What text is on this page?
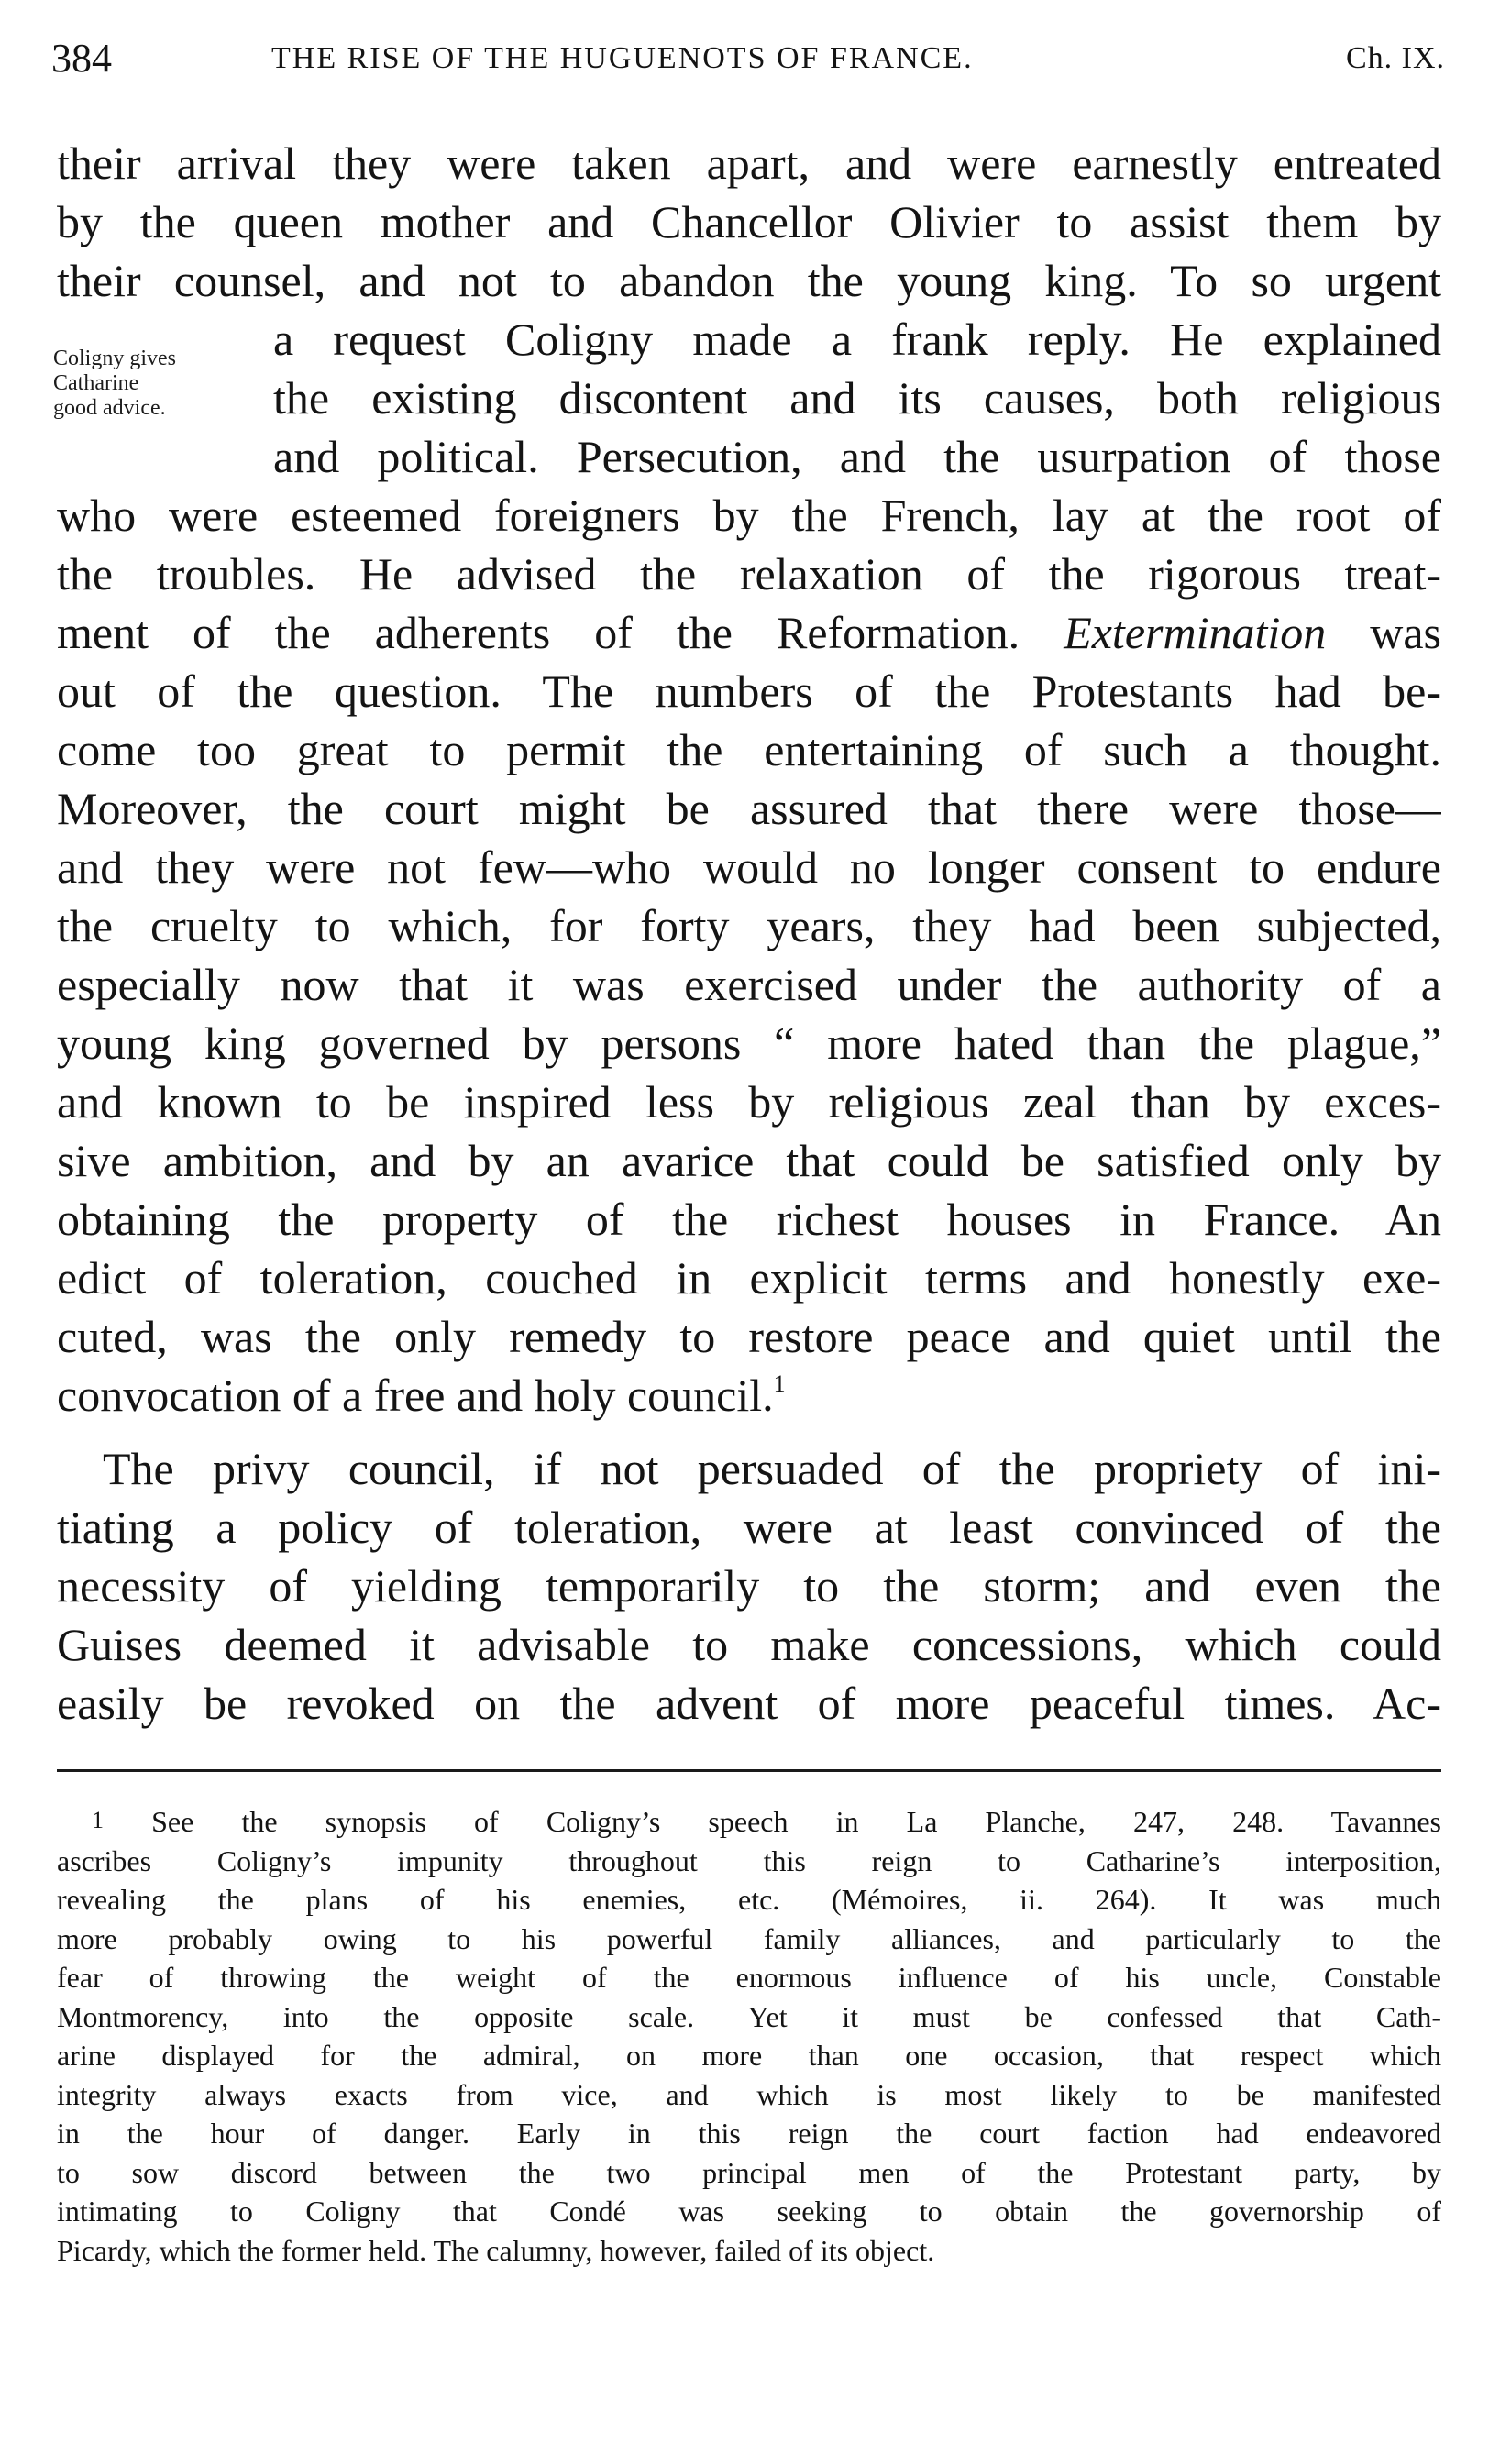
384	THE RISE OF THE HUGUENOTS OF FRANCE.	Ch. IX.
Coligny gives
Catharine
good advice.
their arrival they were taken apart, and were earnestly entreated
by the queen mother and Chancellor Olivier to assist them by
their counsel, and not to abandon the young king. To so urgent
a request Coligny made a frank reply. He explained
the existing discontent and its causes, both religious
and political. Persecution, and the usurpation of those
who were esteemed foreigners by the French, lay at the root of
the troubles. He advised the relaxation of the rigorous treat-
ment of the adherents of the Reformation. Extermination was
out of the question. The numbers of the Protestants had be-
come too great to permit the entertaining of such a thought.
Moreover, the court might be assured that there were those—
and they were not few—who would no longer consent to endure
the cruelty to which, for forty years, they had been subjected,
especially now that it was exercised under the authority of a
young king governed by persons “ more hated than the plague,”
and known to be inspired less by religious zeal than by exces-
sive ambition, and by an avarice that could be satisfied only by
obtaining the property of the richest houses in France. An
edict of toleration, couched in explicit terms and honestly exe-
cuted, was the only remedy to restore peace and quiet until the
convocation of a free and holy council.$^1$
The privy council, if not persuaded of the propriety of ini-
tiating a policy of toleration, were at least convinced of the
necessity of yielding temporarily to the storm; and even the
Guises deemed it advisable to make concessions, which could
easily be revoked on the advent of more peaceful times. Ac-
$^1$ See the synopsis of Coligny’s speech in La Planche, 247, 248. Tavannes
ascribes Coligny’s impunity throughout this reign to Catharine’s interposition,
revealing the plans of his enemies, etc. (Mémoires, ii. 264). It was much
more probably owing to his powerful family alliances, and particularly to the
fear of throwing the weight of the enormous influence of his uncle, Constable
Montmorency, into the opposite scale. Yet it must be confessed that Cath-
arine displayed for the admiral, on more than one occasion, that respect which
integrity always exacts from vice, and which is most likely to be manifested
in the hour of danger. Early in this reign the court faction had endeavored
to sow discord between the two principal men of the Protestant party, by
intimating to Coligny that Condé was seeking to obtain the governorship of
Picardy, which the former held. The calumny, however, failed of its object.
